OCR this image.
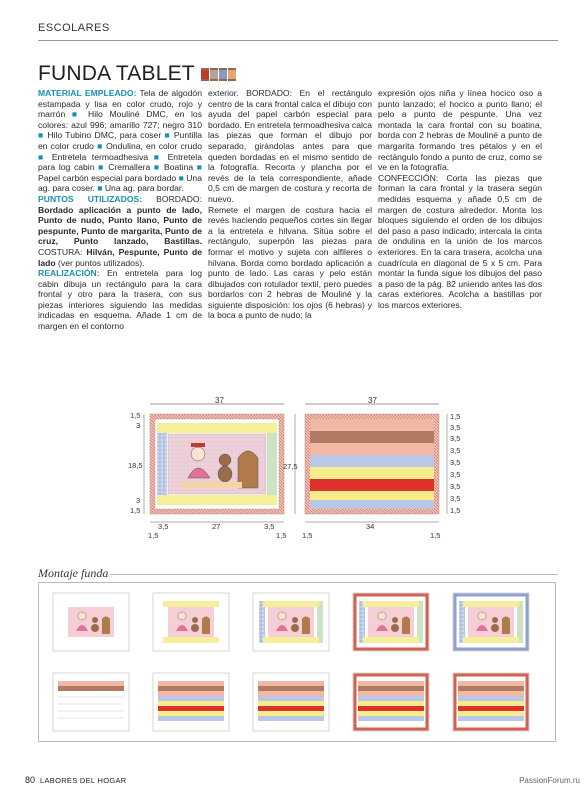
ESCOLARES
FUNDA TABLET

MATERIAL EMPLEADO: Tela de algodón estampada y lisa en color crudo, rojo y marrón ■ Hilo Mouliné DMC, en los colores: azul 996; amarillo 727; negro 310 ■ Hilo Tubino DMC, para coser ■ Puntilla en color crudo ■ Ondulina, en color crudo ■ Entretela termoadhesiva ■ Entretela para log cabin ■ Cremallera ■ Boatina ■ Papel carbón especial para bordado ■ Una ag. para coser. ■ Una ag. para bordar.

PUNTOS UTILIZADOS: BORDADO: Bordado aplicación a punto de lado, Punto de nudo, Punto llano, Punto de pespunte, Punto de margarita, Punto de cruz, Punto lanzado, Bastillas. COSTURA: Hilván, Pespunte, Punto de lado (ver puntos utilizados).

REALIZACIÓN: En entretela para log cabin dibuja un rectángulo para la cara frontal y otro para la trasera, con sus piezas interiores siguiendo las medidas indicadas en esquema. Añade 1 cm de margen en el contorno

exterior. BORDADO: En el rectángulo centro de la cara frontal calca el dibujo con ayuda del papel carbón especial para bordado. En entretela termoadhesiva calca las piezas que forman el dibujo por separado, girándolas antes para que queden bordadas en el mismo sentido de la fotografía. Recorta y plancha por el revés de la tela correspondiente, añade 0,5 cm de margen de costura y recorta de nuevo.

Remete el margen de costura hacia el revés haciendo pequeños cortes sin llegar a la entretela e hilvana. Sitúa sobre el rectángulo, superpón las piezas para formar el motivo y sujeta con alfileres o hilvana. Borda como bordado aplicación a punto de lado. Las caras y pelo están dibujados con rotulador textil, pero puedes bordarlos con 2 hebras de Mouliné y la siguiente disposición: los ojos (6 hebras) y la boca a punto de nudo; la

expresión ojos niña y línea hocico oso a punto lanzado; el hocico a punto llano; el pelo a punto de pespunte. Una vez montada la cara frontal con su boatina, borda con 2 hebras de Mouliné a punto de margarita formando tres pétalos y en el rectángulo fondo a punto de cruz, como se ve en la fotografía.

CONFECCIÓN: Corta las piezas que forman la cara frontal y la trasera según medidas esquema y añade 0,5 cm de margen de costura alrededor. Monta los bloques siguiendo el orden de los dibujos del paso a paso indicado; intercala la cinta de ondulina en la unión de los marcos exteriores. En la cara trasera, acolcha una cuadrícula en diagonal de 5 x 5 cm. Para montar la funda sigue los dibujos del paso a paso de la pág. 82 uniendo antes las dos caras exteriores. Acolcha a bastillas por los marcos exteriores.

37
1,5
3
18,5
3
1,5
3,5	27	3,5
1,5	1,5
27,5
37
34
1,5	1,5
1,5
3,5
3,5
3,5
3,5
3,5
3,5
3,5
1,5
Montaje funda
80 LABORES DEL HOGAR	PassionForum.ru
